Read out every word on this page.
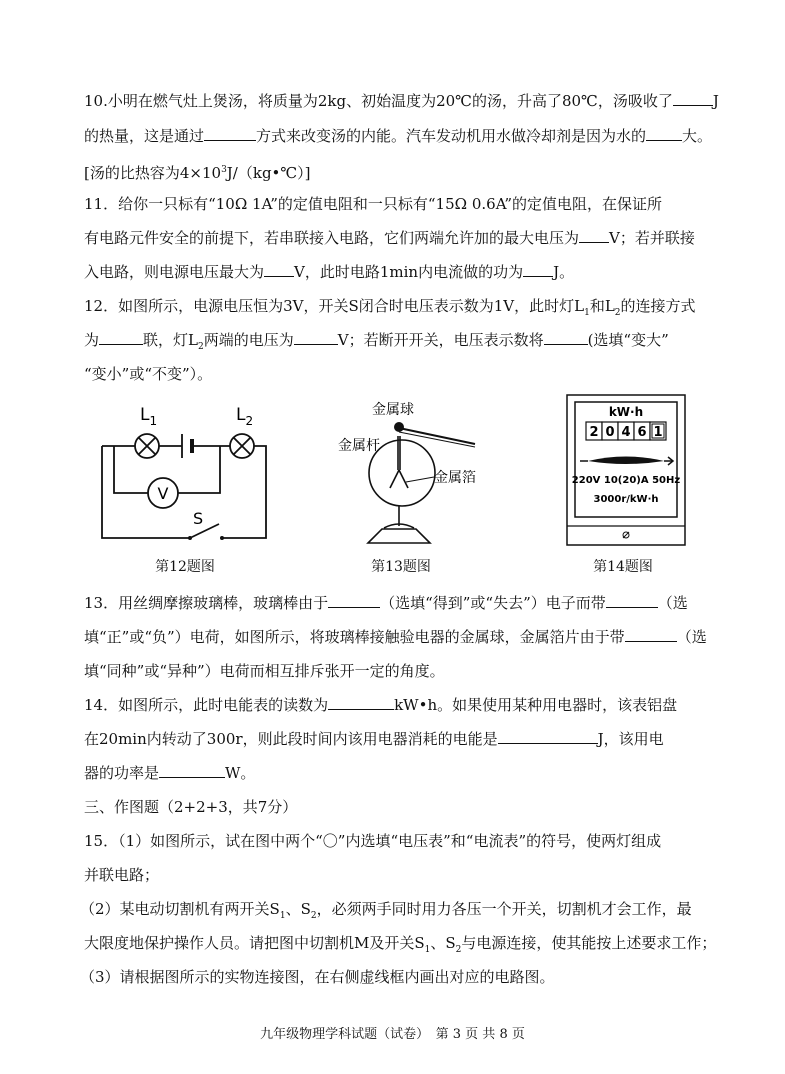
10.小明在燃气灶上煲汤，将质量为2kg、初始温度为20℃的汤，升高了80℃，汤吸收了	J
的热量，这是通过	方式来改变汤的内能。汽车发动机用水做冷却剂是因为水的 大。
[汤的比热容为$4\times 10^3J/(kg•℃)$]
11．给你一只标有“10Ω 1A”的定值电阻和一只标有“15Ω 0.6A”的定值电阻，在保证所
有电路元件安全的前提下，若串联接入电路，它们两端允许加的最大电压为 V；若并联接
入电路，则电源电压最大为 V，此时电路1min内电流做的功为 J。
12．如图所示，电源电压恒为3V，开关S闭合时电压表示数为1V，此时灯$L_1$和$L_2$的连接方式
为	联，灯$L_2$两端的电压为	V；若断开开关，电压表示数将	(选填“变大”
“变小”或“不变”）。
V
$L_1$	$L_2$
S
第12题图
金属球
金属杆
金属箔
第13题图
kW·h
2 0 4 6 1
220V 10(20)A 50Hz
3000r/kW·h
第14题图
13．用丝绸摩擦玻璃棒，玻璃棒由于	（选填“得到”或“失去”）电子而带	（选
填“正”或“负”）电荷，如图所示，将玻璃棒接触验电器的金属球，金属箔片由于带	（选
填“同种”或“异种”）电荷而相互排斥张开一定的角度。
14．如图所示，此时电能表的读数为	kW•h。如果使用某种用电器时，该表铝盘
在20min内转动了300r，则此段时间内该用电器消耗的电能是	J，该用电
器的功率是	W。
三、作图题（2+2+3，共7分）
15．（1）如图所示，试在图中两个“〇”内选填“电压表”和“电流表”的符号，使两灯组成
并联电路；
（2）某电动切割机有两开关$S_1$、$S_2$，必须两手同时用力各压一个开关，切割机才会工作，最
大限度地保护操作人员。请把图中切割机M及开关$S_1$、$S_2$与电源连接，使其能按上述要求工作；
（3）请根据图所示的实物连接图，在右侧虚线框内画出对应的电路图。
九年级物理学科试题（试卷）　第 3 页 共 8 页
